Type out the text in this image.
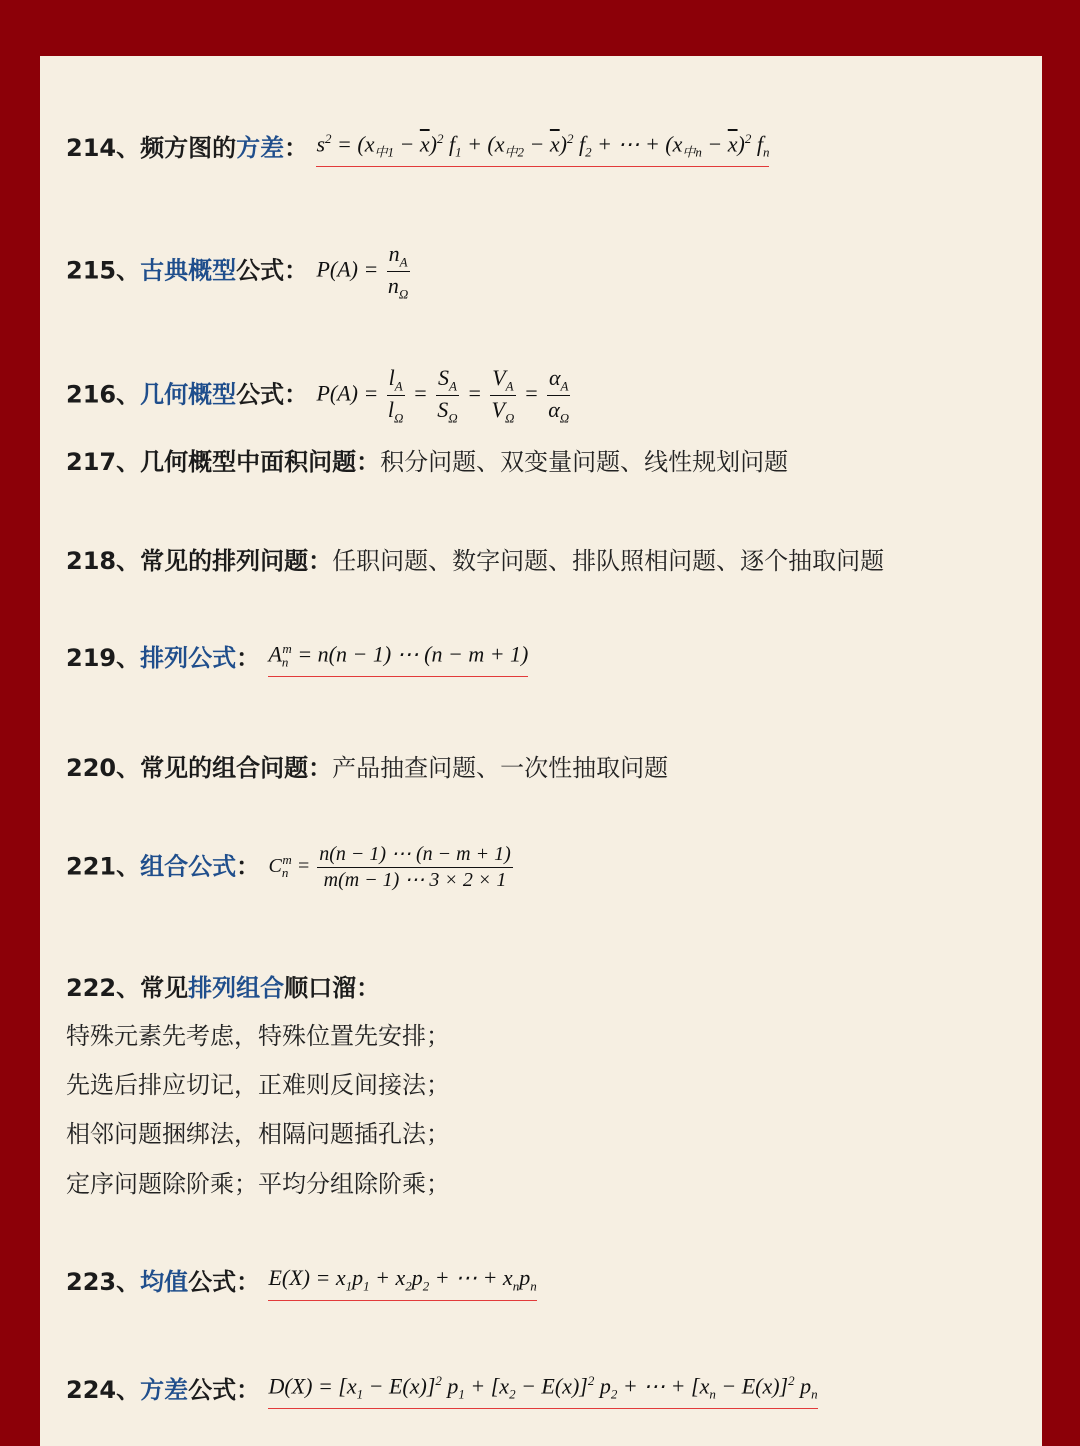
214、频方图的方差： $s^2 = (x_{中1} - \overline{x})^2$ $f_1 + (x_{中2} - \overline{x})^2$ $f_2$ + ⋯ + $(x_{中n} - \overline{x})^2$ $f_n$
215、古典概型公式： $P(A) = \frac{n_A}{n_\Omega}$
216、几何概型公式： $P(A) = \frac{l_A}{l_\Omega} = \frac{S_A}{S_\Omega} = \frac{V_A}{V_\Omega} = \frac{\alpha_A}{\alpha_\Omega}$
217、几何概型中面积问题：积分问题、双变量问题、线性规划问题
218、常见的排列问题：任职问题、数字问题、排队照相问题、逐个抽取问题
219、排列公式： $A_n^m = n(n - 1)$ ⋯ (n − m + 1)
220、常见的组合问题：产品抽查问题、一次性抽取问题
221、组合公式： $C_n^m = \frac{n(n - 1) \cdots (n - m + 1)}{m(m - 1) \cdots 3 \times 2 \times 1}$
222、常见排列组合顺口溜：
特殊元素先考虑，特殊位置先安排；
先选后排应切记，正难则反间接法；
相邻问题捆绑法，相隔问题插孔法；
定序问题除阶乘；平均分组除阶乘；
223、均值公式： $E(X) = x_1p_1 + x_2p_2$ + ⋯ + $x_np_n$
224、方差公式： $D(X) = [x_1 - E(x)]^2$ $p_1 + [x_2 - E(x)]^2$ $p_2$ + ⋯ + $[x_n - E(x)]^2$ $p_n$
